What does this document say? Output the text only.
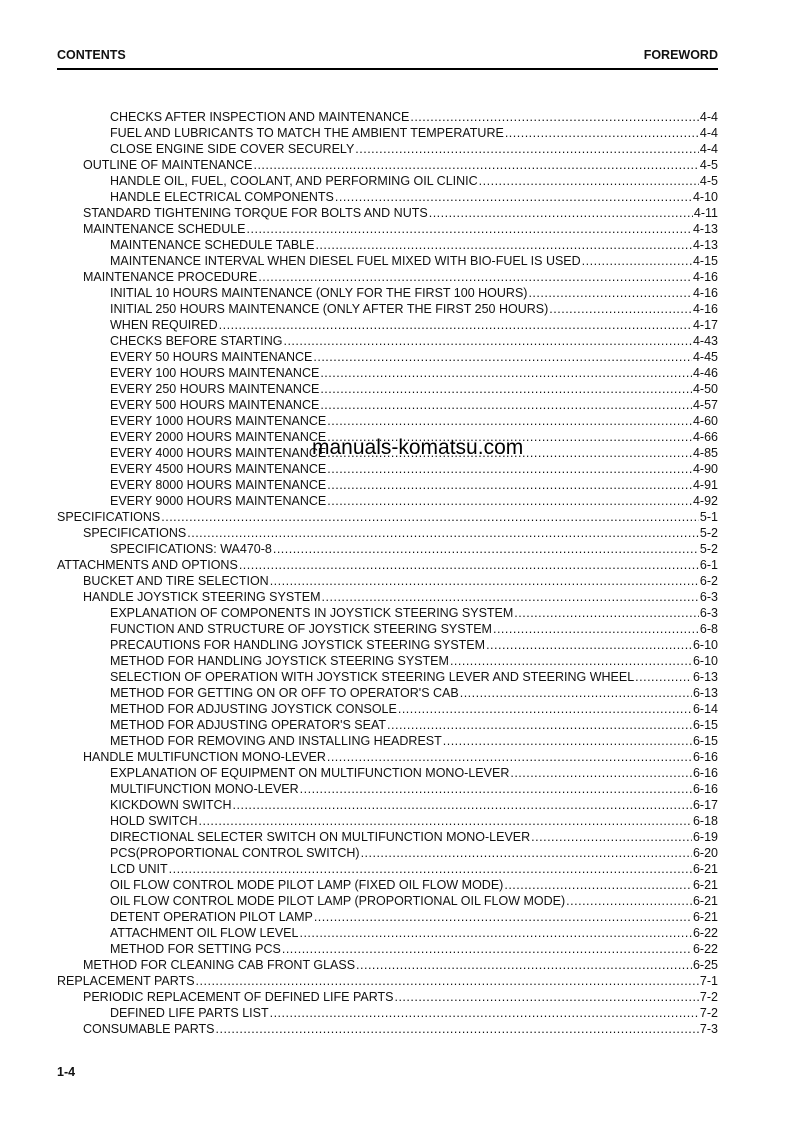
CONTENTS	FOREWORD
CHECKS AFTER INSPECTION AND MAINTENANCE .....	4-4
FUEL AND LUBRICANTS TO MATCH THE AMBIENT TEMPERATURE .....	4-4
CLOSE ENGINE SIDE COVER SECURELY .....	4-4
OUTLINE OF MAINTENANCE .....	4-5
HANDLE OIL, FUEL, COOLANT, AND PERFORMING OIL CLINIC .....	4-5
HANDLE ELECTRICAL COMPONENTS .....	4-10
STANDARD TIGHTENING TORQUE FOR BOLTS AND NUTS .....	4-11
MAINTENANCE SCHEDULE .....	4-13
MAINTENANCE SCHEDULE TABLE .....	4-13
MAINTENANCE INTERVAL WHEN DIESEL FUEL MIXED WITH BIO-FUEL IS USED .....	4-15
MAINTENANCE PROCEDURE .....	4-16
INITIAL 10 HOURS MAINTENANCE (ONLY FOR THE FIRST 100 HOURS) .....	4-16
INITIAL 250 HOURS MAINTENANCE (ONLY AFTER THE FIRST 250 HOURS) .....	4-16
WHEN REQUIRED .....	4-17
CHECKS BEFORE STARTING .....	4-43
EVERY 50 HOURS MAINTENANCE .....	4-45
EVERY 100 HOURS MAINTENANCE .....	4-46
EVERY 250 HOURS MAINTENANCE .....	4-50
EVERY 500 HOURS MAINTENANCE .....	4-57
EVERY 1000 HOURS MAINTENANCE .....	4-60
EVERY 2000 HOURS MAINTENANCE .....	4-66
EVERY 4000 HOURS MAINTENANCE .....	4-85
EVERY 4500 HOURS MAINTENANCE .....	4-90
EVERY 8000 HOURS MAINTENANCE .....	4-91
EVERY 9000 HOURS MAINTENANCE .....	4-92
SPECIFICATIONS .....	5-1
SPECIFICATIONS .....	5-2
SPECIFICATIONS: WA470-8 .....	5-2
ATTACHMENTS AND OPTIONS .....	6-1
BUCKET AND TIRE SELECTION .....	6-2
HANDLE JOYSTICK STEERING SYSTEM .....	6-3
EXPLANATION OF COMPONENTS IN JOYSTICK STEERING SYSTEM .....	6-3
FUNCTION AND STRUCTURE OF JOYSTICK STEERING SYSTEM .....	6-8
PRECAUTIONS FOR HANDLING JOYSTICK STEERING SYSTEM .....	6-10
METHOD FOR HANDLING JOYSTICK STEERING SYSTEM .....	6-10
SELECTION OF OPERATION WITH JOYSTICK STEERING LEVER AND STEERING WHEEL .....	6-13
METHOD FOR GETTING ON OR OFF TO OPERATOR'S CAB .....	6-13
METHOD FOR ADJUSTING JOYSTICK CONSOLE .....	6-14
METHOD FOR ADJUSTING OPERATOR'S SEAT .....	6-15
METHOD FOR REMOVING AND INSTALLING HEADREST .....	6-15
HANDLE MULTIFUNCTION MONO-LEVER .....	6-16
EXPLANATION OF EQUIPMENT ON MULTIFUNCTION MONO-LEVER .....	6-16
MULTIFUNCTION MONO-LEVER .....	6-16
KICKDOWN SWITCH .....	6-17
HOLD SWITCH .....	6-18
DIRECTIONAL SELECTER SWITCH ON MULTIFUNCTION MONO-LEVER .....	6-19
PCS(PROPORTIONAL CONTROL SWITCH) .....	6-20
LCD UNIT .....	6-21
OIL FLOW CONTROL MODE PILOT LAMP (FIXED OIL FLOW MODE) .....	6-21
OIL FLOW CONTROL MODE PILOT LAMP (PROPORTIONAL OIL FLOW MODE) .....	6-21
DETENT OPERATION PILOT LAMP .....	6-21
ATTACHMENT OIL FLOW LEVEL .....	6-22
METHOD FOR SETTING PCS .....	6-22
METHOD FOR CLEANING CAB FRONT GLASS .....	6-25
REPLACEMENT PARTS .....	7-1
PERIODIC REPLACEMENT OF DEFINED LIFE PARTS .....	7-2
DEFINED LIFE PARTS LIST .....	7-2
CONSUMABLE PARTS .....	7-3
manuals-komatsu.com
1-4
